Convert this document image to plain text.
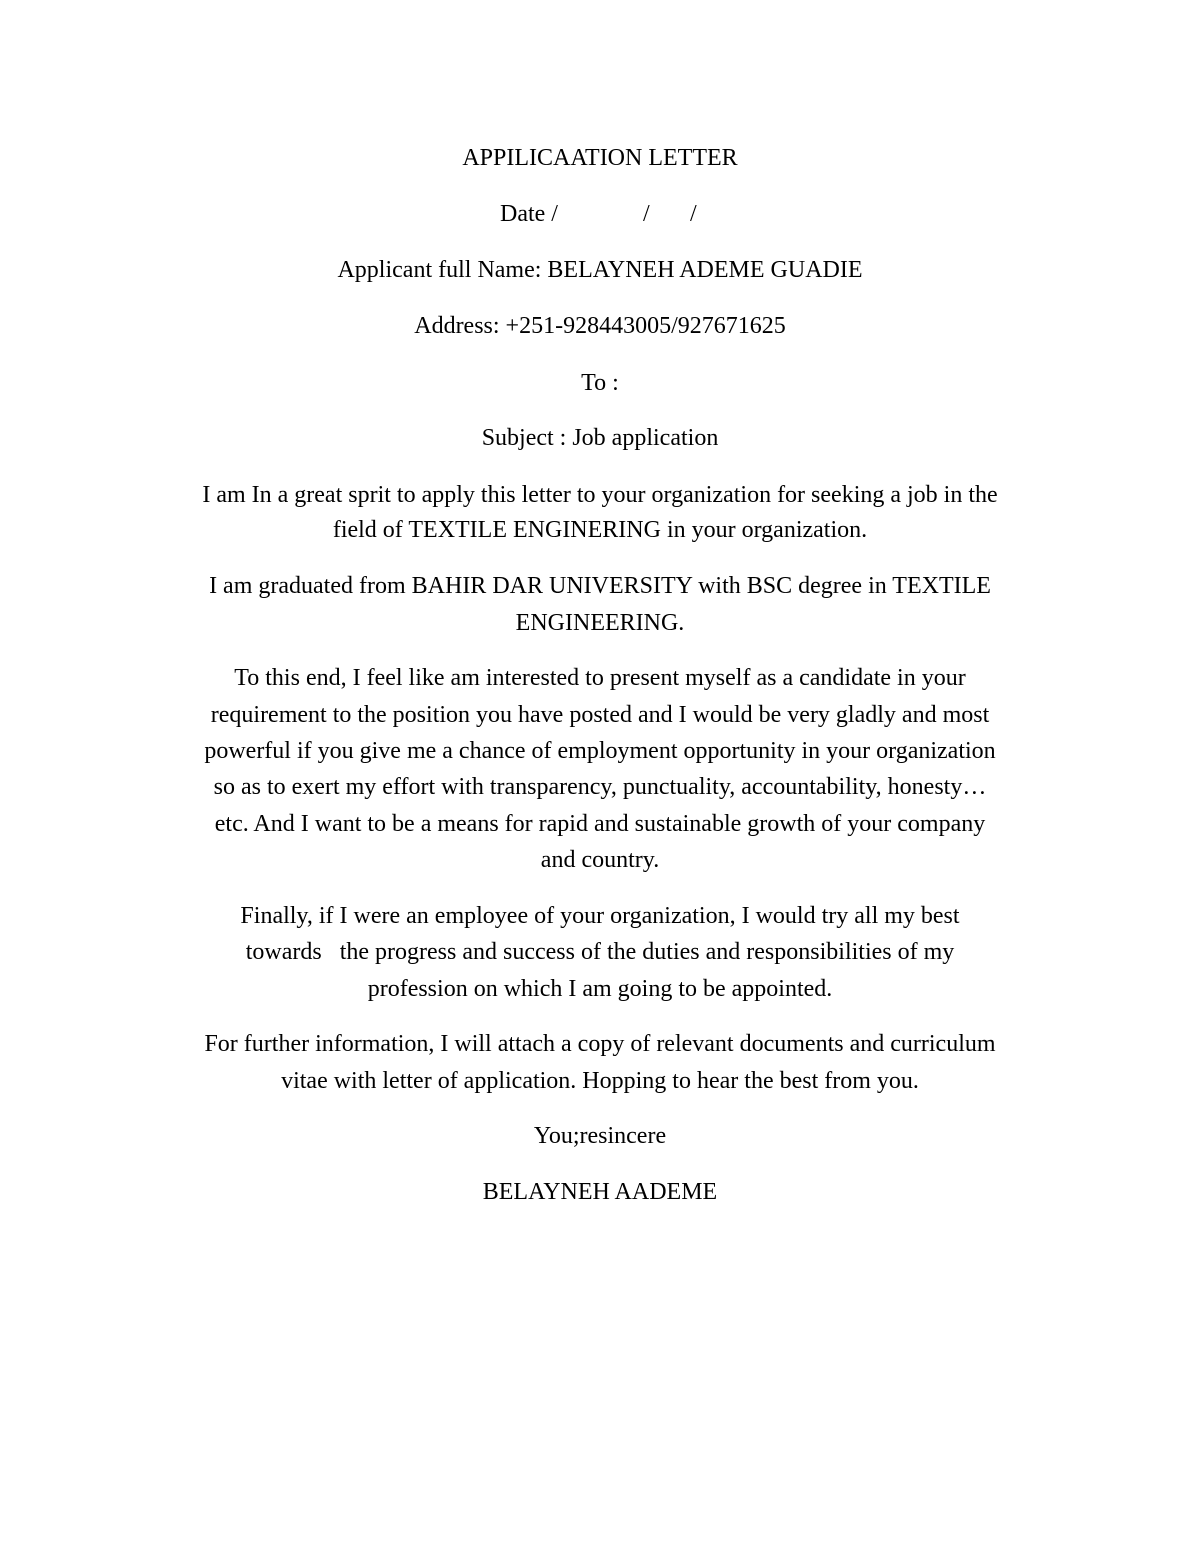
APPILICAATION LETTER
Date /	/ /
Applicant full Name: BELAYNEH ADEME GUADIE
Address: +251-928443005/927671625
To :
Subject : Job application
I am In a great sprit to apply this letter to your organization for seeking a job in the
field of TEXTILE ENGINERING in your organization.
I am graduated from BAHIR DAR UNIVERSITY with BSC degree in TEXTILE
ENGINEERING.
To this end, I feel like am interested to present myself as a candidate in your
requirement to the position you have posted and I would be very gladly and most
powerful if you give me a chance of employment opportunity in your organization
so as to exert my effort with transparency, punctuality, accountability, honesty…
etc. And I want to be a means for rapid and sustainable growth of your company
and country.
Finally, if I were an employee of your organization, I would try all my best
towards   the progress and success of the duties and responsibilities of my
profession on which I am going to be appointed.
For further information, I will attach a copy of relevant documents and curriculum
vitae with letter of application. Hopping to hear the best from you.
You;resincere
BELAYNEH AADEME
